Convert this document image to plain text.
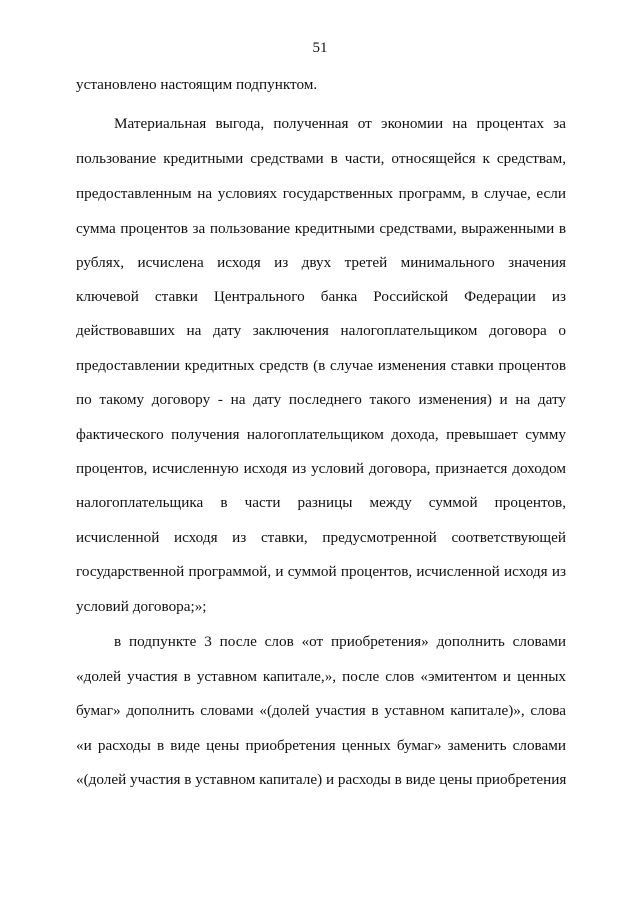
51
установлено настоящим подпунктом.
Материальная выгода, полученная от экономии на процентах за
пользование кредитными средствами в части, относящейся к средствам,
предоставленным на условиях государственных программ, в случае, если
сумма процентов за пользование кредитными средствами, выраженными в
рублях, исчислена исходя из двух третей минимального значения
ключевой ставки Центрального банка Российской Федерации из
действовавших на дату заключения налогоплательщиком договора о
предоставлении кредитных средств (в случае изменения ставки процентов
по такому договору - на дату последнего такого изменения) и на дату
фактического получения налогоплательщиком дохода, превышает сумму
процентов, исчисленную исходя из условий договора, признается доходом
налогоплательщика в части разницы между суммой процентов,
исчисленной исходя из ставки, предусмотренной соответствующей
государственной программой, и суммой процентов, исчисленной исходя из
условий договора;»;
в подпункте 3 после слов «от приобретения» дополнить словами
«долей участия в уставном капитале,», после слов «эмитентом и ценных
бумаг» дополнить словами «(долей участия в уставном капитале)», слова
«и расходы в виде цены приобретения ценных бумаг» заменить словами
«(долей участия в уставном капитале) и расходы в виде цены приобретения
